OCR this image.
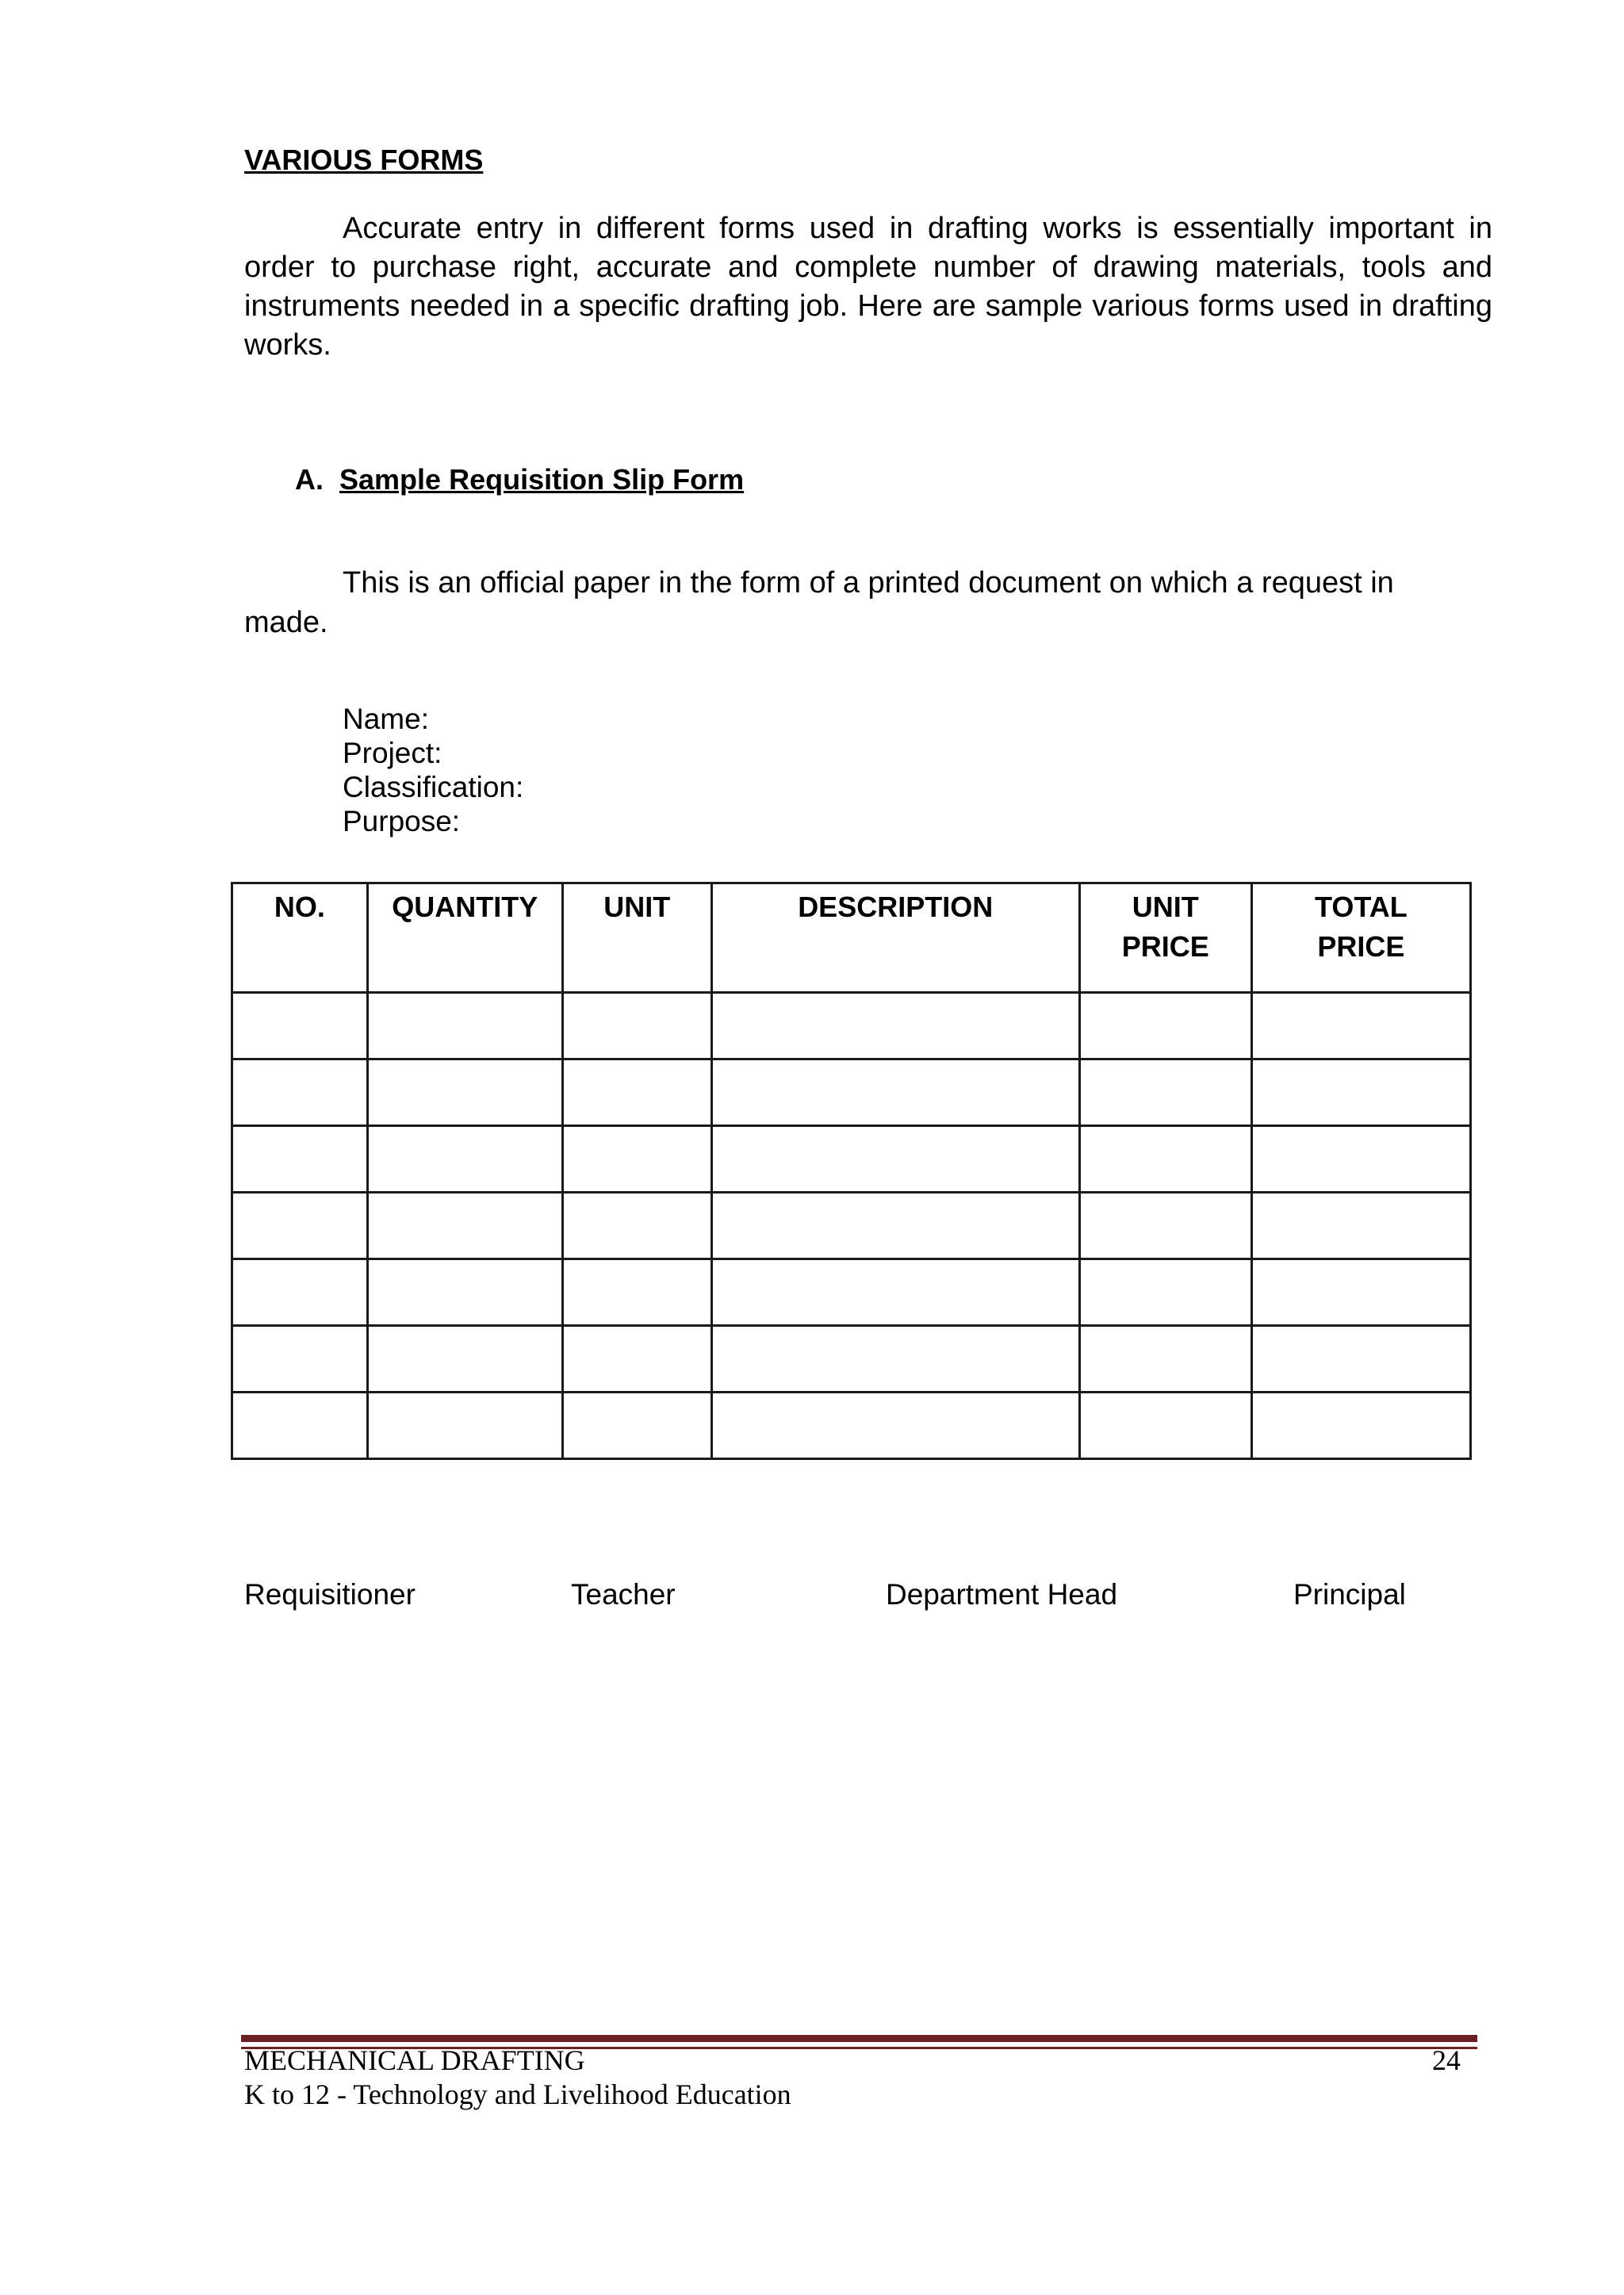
VARIOUS FORMS

Accurate entry in different forms used in drafting works is essentially important in order to purchase right, accurate and complete number of drawing materials, tools and instruments needed in a specific drafting job. Here are sample various forms used in drafting works.

A. Sample Requisition Slip Form

This is an official paper in the form of a printed document on which a request in made.

Name:
Project:
Classification:
Purpose:
NO.	QUANTITY	UNIT	DESCRIPTION	UNIT PRICE	TOTAL PRICE

Requisitioner	Teacher	Department Head	Principal
MECHANICAL DRAFTING
K to 12 - Technology and Livelihood Education
24
